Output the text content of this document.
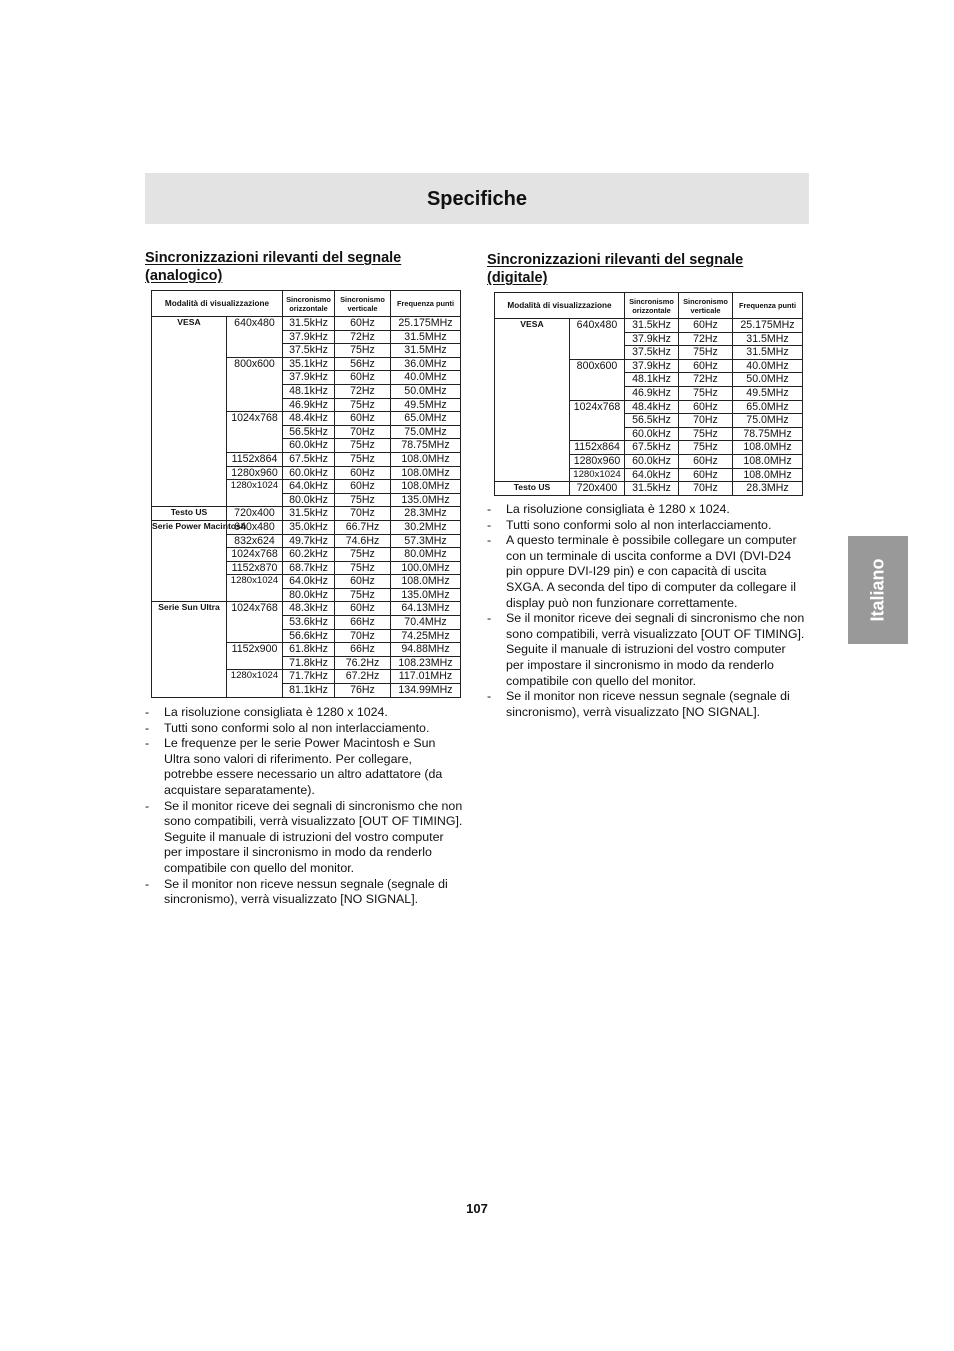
Specifiche
Italiano
Sincronizzazioni rilevanti del segnale
(analogico)
Modalità di visualizzazione		Sincronismo orizzontale	Sincronismo verticale	Frequenza punti
VESA	640x480	31.5kHz	60Hz	25.175MHz
		37.9kHz	72Hz	31.5MHz
		37.5kHz	75Hz	31.5MHz
	800x600	35.1kHz	56Hz	36.0MHz
		37.9kHz	60Hz	40.0MHz
		48.1kHz	72Hz	50.0MHz
		46.9kHz	75Hz	49.5MHz
	1024x768	48.4kHz	60Hz	65.0MHz
		56.5kHz	70Hz	75.0MHz
		60.0kHz	75Hz	78.75MHz
	1152x864	67.5kHz	75Hz	108.0MHz
	1280x960	60.0kHz	60Hz	108.0MHz
	1280x1024	64.0kHz	60Hz	108.0MHz
		80.0kHz	75Hz	135.0MHz
Testo US	720x400	31.5kHz	70Hz	28.3MHz
Serie Power Macintosh	640x480	35.0kHz	66.7Hz	30.2MHz
	832x624	49.7kHz	74.6Hz	57.3MHz
	1024x768	60.2kHz	75Hz	80.0MHz
	1152x870	68.7kHz	75Hz	100.0MHz
	1280x1024	64.0kHz	60Hz	108.0MHz
		80.0kHz	75Hz	135.0MHz
Serie Sun Ultra	1024x768	48.3kHz	60Hz	64.13MHz
		53.6kHz	66Hz	70.4MHz
		56.6kHz	70Hz	74.25MHz
	1152x900	61.8kHz	66Hz	94.88MHz
		71.8kHz	76.2Hz	108.23MHz
	1280x1024	71.7kHz	67.2Hz	117.01MHz
		81.1kHz	76Hz	134.99MHz
- La risoluzione consigliata è 1280 x 1024.
- Tutti sono conformi solo al non interlacciamento.
- Le frequenze per le serie Power Macintosh e Sun Ultra sono valori di riferimento. Per collegare, potrebbe essere necessario un altro adattatore (da acquistare separatamente).
- Se il monitor riceve dei segnali di sincronismo che non sono compatibili, verrà visualizzato [OUT OF TIMING]. Seguite il manuale di istruzioni del vostro computer per impostare il sincronismo in modo da renderlo compatibile con quello del monitor.
- Se il monitor non riceve nessun segnale (segnale di sincronismo), verrà visualizzato [NO SIGNAL].
Sincronizzazioni rilevanti del segnale
(digitale)
Modalità di visualizzazione		Sincronismo orizzontale	Sincronismo verticale	Frequenza punti
VESA	640x480	31.5kHz	60Hz	25.175MHz
		37.9kHz	72Hz	31.5MHz
		37.5kHz	75Hz	31.5MHz
	800x600	37.9kHz	60Hz	40.0MHz
		48.1kHz	72Hz	50.0MHz
		46.9kHz	75Hz	49.5MHz
	1024x768	48.4kHz	60Hz	65.0MHz
		56.5kHz	70Hz	75.0MHz
		60.0kHz	75Hz	78.75MHz
	1152x864	67.5kHz	75Hz	108.0MHz
	1280x960	60.0kHz	60Hz	108.0MHz
	1280x1024	64.0kHz	60Hz	108.0MHz
Testo US	720x400	31.5kHz	70Hz	28.3MHz
- La risoluzione consigliata è 1280 x 1024.
- Tutti sono conformi solo al non interlacciamento.
- A questo terminale è possibile collegare un computer con un terminale di uscita conforme a DVI (DVI-D24 pin oppure DVI-I29 pin) e con capacità di uscita SXGA. A seconda del tipo di computer da collegare il display può non funzionare correttamente.
- Se il monitor riceve dei segnali di sincronismo che non sono compatibili, verrà visualizzato [OUT OF TIMING]. Seguite il manuale di istruzioni del vostro computer per impostare il sincronismo in modo da renderlo compatibile con quello del monitor.
- Se il monitor non riceve nessun segnale (segnale di sincronismo), verrà visualizzato [NO SIGNAL].
107
